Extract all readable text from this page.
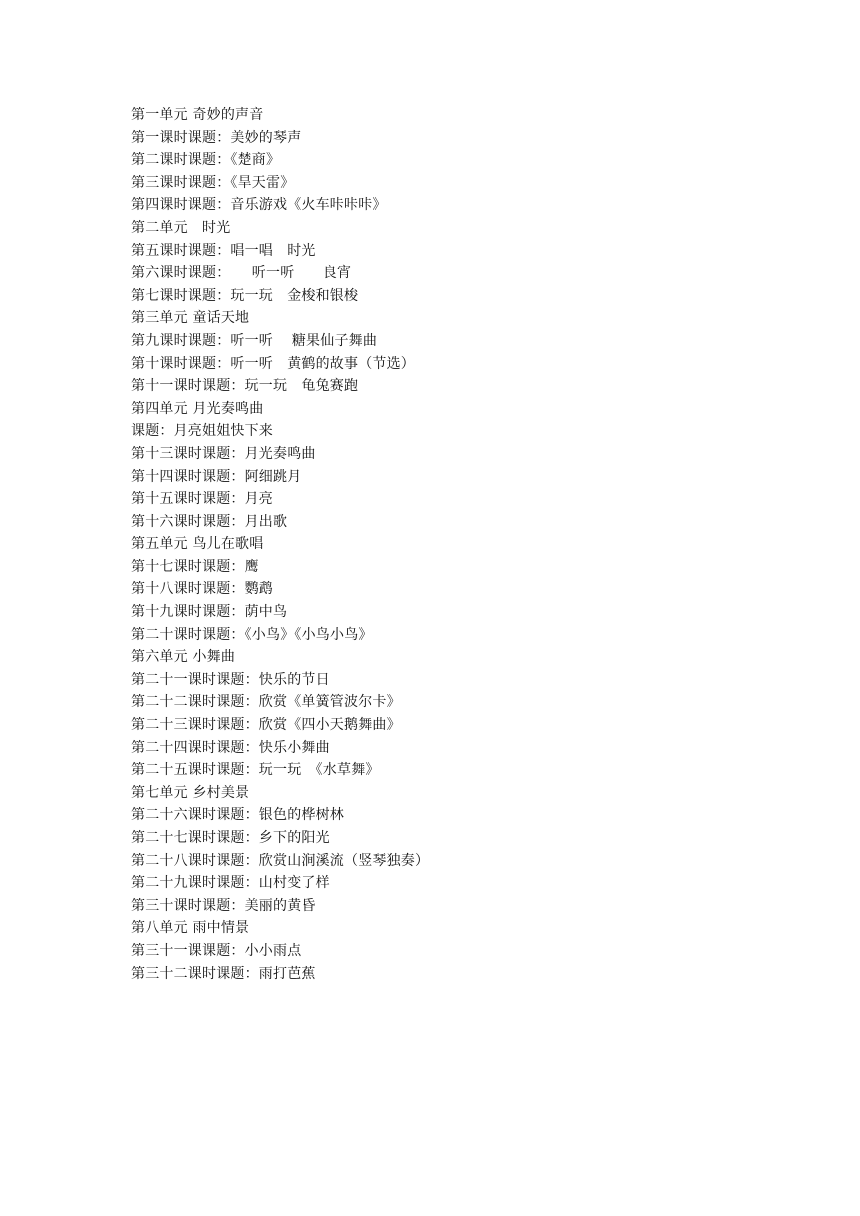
第一单元 奇妙的声音
第一课时课题：美妙的琴声
第二课时课题：《楚商》
第三课时课题：《旱天雷》
第四课时课题：音乐游戏《火车咔咔咔》
第二单元　时光
第五课时课题：唱一唱　时光
第六课时课题：　　听一听　　良宵
第七课时课题：玩一玩　金梭和银梭
第三单元 童话天地
第九课时课题：听一听　 糖果仙子舞曲
第十课时课题：听一听　黄鹤的故事（节选）
第十一课时课题：玩一玩　龟兔赛跑
第四单元 月光奏鸣曲
课题：月亮姐姐快下来
第十三课时课题：月光奏鸣曲
第十四课时课题：阿细跳月
第十五课时课题：月亮
第十六课时课题：月出歌
第五单元 鸟儿在歌唱
第十七课时课题：鹰
第十八课时课题：鹦鹉
第十九课时课题：荫中鸟
第二十课时课题：《小鸟》《小鸟小鸟》
第六单元 小舞曲
第二十一课时课题：快乐的节日
第二十二课时课题：欣赏《单簧管波尔卡》
第二十三课时课题：欣赏《四小天鹅舞曲》
第二十四课时课题：快乐小舞曲
第二十五课时课题：玩一玩　《水草舞》
第七单元 乡村美景
第二十六课时课题：银色的桦树林
第二十七课时课题：乡下的阳光
第二十八课时课题：欣赏山涧溪流（竖琴独奏）
第二十九课时课题：山村变了样
第三十课时课题：美丽的黄昏
第八单元 雨中情景
第三十一课课题：小小雨点
第三十二课时课题：雨打芭蕉
